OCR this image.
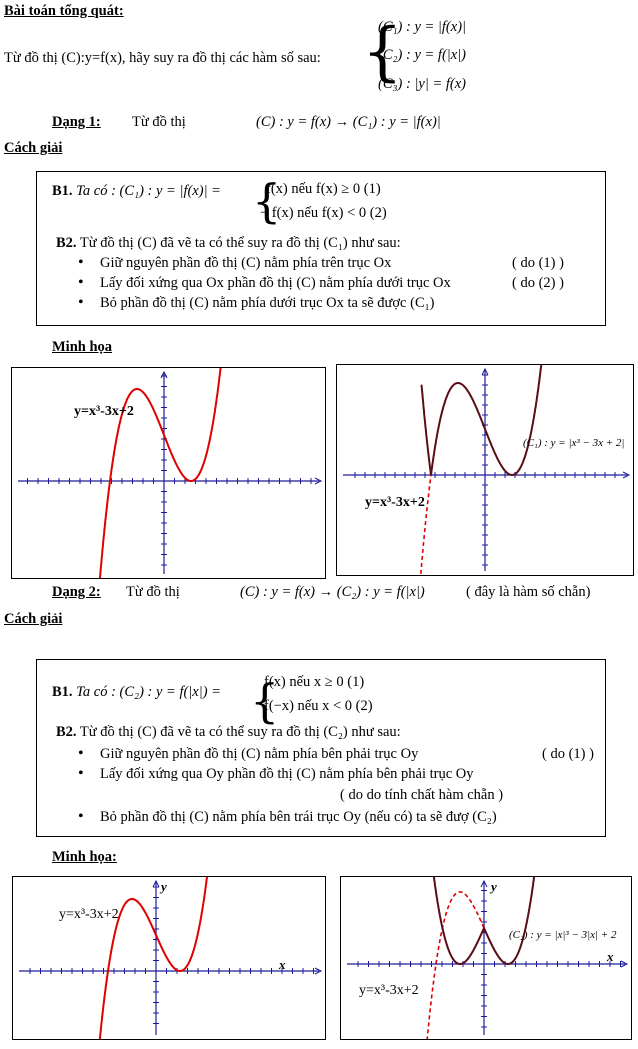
Bài toán tổng quát:
Từ đồ thị (C):y=f(x), hãy suy ra đồ thị các hàm số sau: {
(C₁) : y = |f(x)|
(C₂) : y = f(|x|)
(C₃) : |y| = f(x)
Dạng 1: Từ đồ thị	(C) : y = f(x) → (C₁) : y = |f(x)|
Cách giải
B1. Ta có : (C₁) : y = |f(x)| = {
f(x) nếu f(x) ≥ 0 (1)
− f(x) nếu f(x) < 0 (2)
B2. Từ đồ thị (C) đã vẽ ta có thể suy ra đồ thị (C₁) như sau:
• Giữ nguyên phần đồ thị (C) nằm phía trên trục Ox	( do (1) )
• Lấy đối xứng qua Ox phần đồ thị (C) nằm phía dưới trục Ox	( do (2) )
• Bỏ phần đồ thị (C) nằm phía dưới trục Ox ta sẽ được (C₁)
Minh họa
y=x³-3x+2
(C₁) : y = |x³ − 3x + 2|
y=x³-3x+2
Dạng 2: Từ đồ thị	(C) : y = f(x) → (C₂) : y = f(|x|)	( đây là hàm số chẵn)
Cách giải
B1. Ta có : (C₂) : y = f(|x|) = {
f(x) nếu x ≥ 0 (1)
f(−x) nếu x < 0 (2)
B2. Từ đồ thị (C) đã vẽ ta có thể suy ra đồ thị (C₂) như sau:
• Giữ nguyên phần đồ thị (C) nằm phía bên phải trục Oy	( do (1) )
• Lấy đối xứng qua Oy phần đồ thị (C) nằm phía bên phải trục Oy
( do do tính chất hàm chẵn )
• Bỏ phần đồ thị (C) nằm phía bên trái trục Oy (nếu có) ta sẽ đượ (C₂)
Minh họa:
y=x³-3x+2
x
y
(C₂) : y = |x|³ − 3|x| + 2
y=x³-3x+2
x
y
